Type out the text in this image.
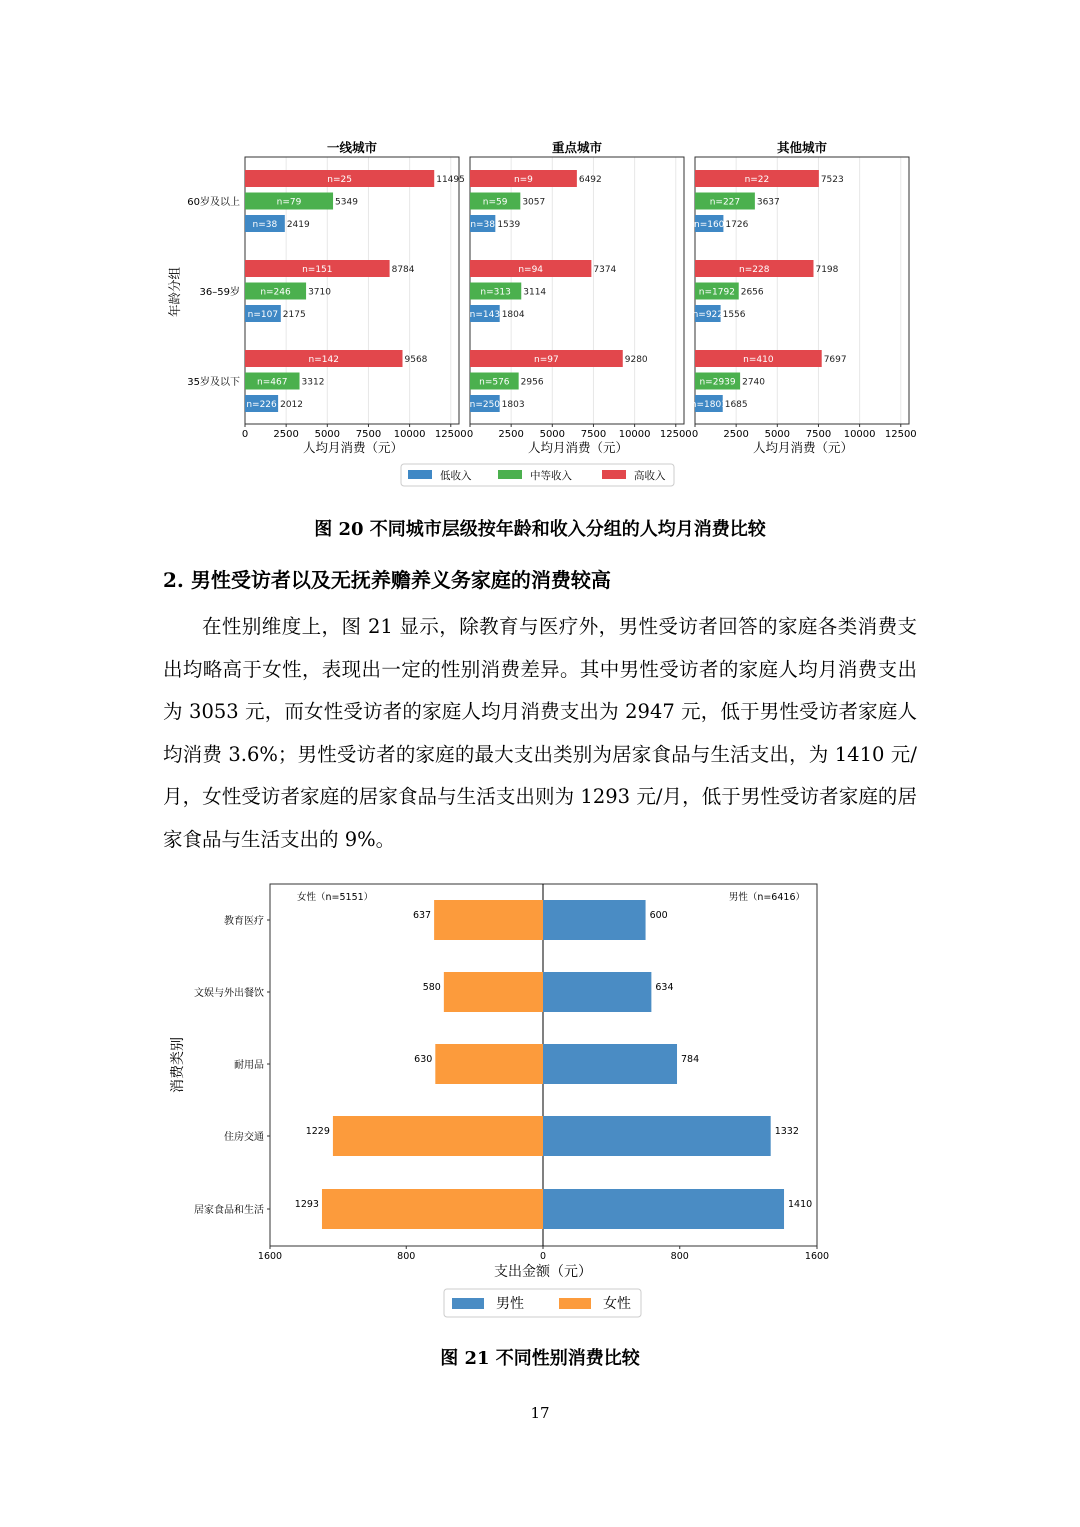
一线城市
n=25	11495
n=79	5349
n=38 2419
60岁及以上
n=151	8784
n=246 3710
n=107 2175
36–59岁
n=142	9568
n=467 3312
n=226 2012
35岁及以下
0	2500 5000 7500 10000 12500
人均月消费（元）
重点城市
n=9	6492
n=59 3057
n=38 1539
n=94	7374
n=313 3114
n=143 1804
n=97	9280
n=576 2956
n=250 1803
0	2500 5000 7500 10000 12500
人均月消费（元）
其他城市
n=22	7523
n=227 3637
n=160 1726
n=228	7198
n=1792 2656
n=922 1556
n=410	7697
n=2939 2740
n=1801
1685
0	2500 5000 7500 10000 12500
人均月消费（元）
年龄分组
低收入	中等收入	高收入
图 20 不同城市层级按年龄和收入分组的人均月消费比较
2. 男性受访者以及无抚养赡养义务家庭的消费较高

在性别维度上，图 21 显示，除教育与医疗外，男性受访者回答的家庭各类消费支出均略高于女性，表现出一定的性别消费差异。其中男性受访者的家庭人均月消费支出为 3053 元，而女性受访者的家庭人均月消费支出为 2947 元，低于男性受访者家庭人均消费 3.6%；男性受访者的家庭的最大支出类别为居家食品与生活支出，为 1410 元/月，女性受访者家庭的居家食品与生活支出则为 1293 元/月，低于男性受访者家庭的居家食品与生活支出的 9%。

女性（n=5151）	男性（n=6416）
637	600
教育医疗
580	634
文娱与外出餐饮
630	784
耐用品
1229	1332
住房交通
1293	1410
居家食品和生活
1600	800	0	800	1600
支出金额（元）
消费类别
男性	女性
图 21 不同性别消费比较
17
